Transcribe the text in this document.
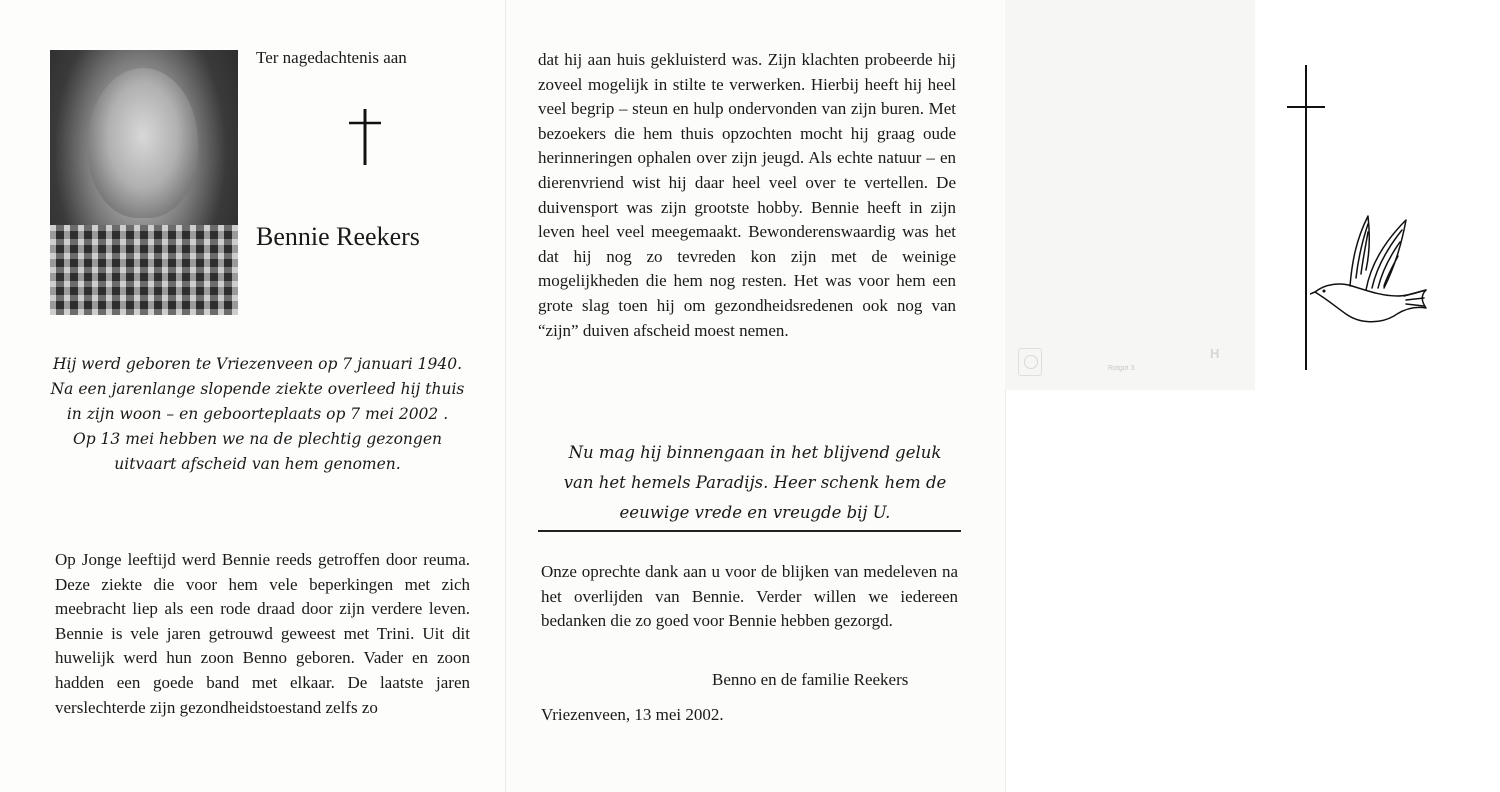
Ter nagedachtenis aan
Bennie Reekers

Hij werd geboren te Vriezenveen op 7 januari 1940.
Na een jarenlange slopende ziekte overleed hij thuis
in zijn woon – en geboorteplaats op 7 mei 2002 .
Op 13 mei hebben we na de plechtig gezongen
uitvaart afscheid van hem genomen.

Op Jonge leeftijd werd Bennie reeds getroffen door reuma. Deze ziekte die voor hem vele beperkingen met zich meebracht liep als een rode draad door zijn verdere leven. Bennie is vele jaren getrouwd geweest met Trini. Uit dit huwelijk werd hun zoon Benno geboren. Vader en zoon hadden een goede band met elkaar. De laatste jaren verslechterde zijn gezondheidstoestand zelfs zo

dat hij aan huis gekluisterd was. Zijn klachten probeerde hij zoveel mogelijk in stilte te verwerken. Hierbij heeft hij heel veel begrip – steun en hulp ondervonden van zijn buren. Met bezoekers die hem thuis opzochten mocht hij graag oude herinneringen ophalen over zijn jeugd. Als echte natuur – en dierenvriend wist hij daar heel veel over te vertellen. De duivensport was zijn grootste hobby. Bennie heeft in zijn leven heel veel meegemaakt. Bewonderenswaardig was het dat hij nog zo tevreden kon zijn met de weinige mogelijkheden die hem nog resten. Het was voor hem een grote slag toen hij om gezondheidsredenen ook nog van “zijn” duiven afscheid moest nemen.

Nu mag hij binnengaan in het blijvend geluk
van het hemels Paradijs. Heer schenk hem de
eeuwige vrede en vreugde bij U.

Onze oprechte dank aan u voor de blijken van medeleven na het overlijden van Bennie. Verder willen we iedereen bedanken die zo goed voor Bennie hebben gezorgd.

Benno en de familie Reekers
Vriezenveen, 13 mei 2002.
Rotgot 3
H
